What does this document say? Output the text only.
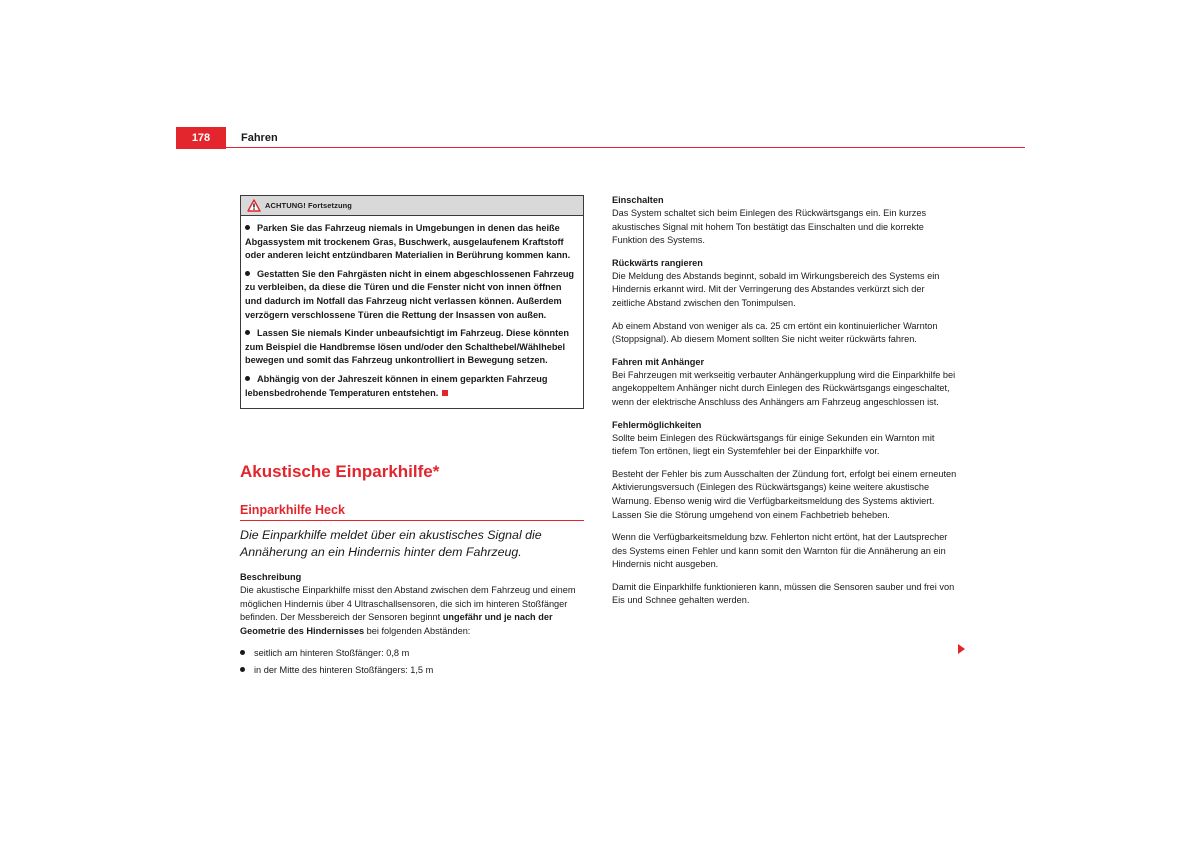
178	Fahren
ACHTUNG! Fortsetzung

Parken Sie das Fahrzeug niemals in Umgebungen in denen das heiße Abgassystem mit trockenem Gras, Buschwerk, ausgelaufenem Kraftstoff oder anderen leicht entzündbaren Materialien in Berührung kommen kann.

Gestatten Sie den Fahrgästen nicht in einem abgeschlossenen Fahrzeug zu verbleiben, da diese die Türen und die Fenster nicht von innen öffnen und dadurch im Notfall das Fahrzeug nicht verlassen können. Außerdem verzögern verschlossene Türen die Rettung der Insassen von außen.

Lassen Sie niemals Kinder unbeaufsichtigt im Fahrzeug. Diese könnten zum Beispiel die Handbremse lösen und/oder den Schalthebel/Wählhebel bewegen und somit das Fahrzeug unkontrolliert in Bewegung setzen.

Abhängig von der Jahreszeit können in einem geparkten Fahrzeug lebensbedrohende Temperaturen entstehen.

Akustische Einparkhilfe*
Einparkhilfe Heck

Die Einparkhilfe meldet über ein akustisches Signal die Annäherung an ein Hindernis hinter dem Fahrzeug.

Beschreibung

Die akustische Einparkhilfe misst den Abstand zwischen dem Fahrzeug und einem möglichen Hindernis über 4 Ultraschallsensoren, die sich im hinteren Stoßfänger befinden. Der Messbereich der Sensoren beginnt ungefähr und je nach der Geometrie des Hindernisses bei folgenden Abständen:

seitlich am hinteren Stoßfänger: 0,8 m
in der Mitte des hinteren Stoßfängers: 1,5 m

Einschalten

Das System schaltet sich beim Einlegen des Rückwärtsgangs ein. Ein kurzes akustisches Signal mit hohem Ton bestätigt das Einschalten und die korrekte Funktion des Systems.

Rückwärts rangieren

Die Meldung des Abstands beginnt, sobald im Wirkungsbereich des Systems ein Hindernis erkannt wird. Mit der Verringerung des Abstandes verkürzt sich der zeitliche Abstand zwischen den Tonimpulsen.

Ab einem Abstand von weniger als ca. 25 cm ertönt ein kontinuierlicher Warnton (Stoppsignal). Ab diesem Moment sollten Sie nicht weiter rückwärts fahren.

Fahren mit Anhänger

Bei Fahrzeugen mit werkseitig verbauter Anhängerkupplung wird die Einparkhilfe bei angekoppeltem Anhänger nicht durch Einlegen des Rückwärtsgangs eingeschaltet, wenn der elektrische Anschluss des Anhängers am Fahrzeug angeschlossen ist.

Fehlermöglichkeiten

Sollte beim Einlegen des Rückwärtsgangs für einige Sekunden ein Warnton mit tiefem Ton ertönen, liegt ein Systemfehler bei der Einparkhilfe vor.

Besteht der Fehler bis zum Ausschalten der Zündung fort, erfolgt bei einem erneuten Aktivierungsversuch (Einlegen des Rückwärtsgangs) keine weitere akustische Warnung. Ebenso wenig wird die Verfügbarkeitsmeldung des Systems aktiviert. Lassen Sie die Störung umgehend von einem Fachbetrieb beheben.

Wenn die Verfügbarkeitsmeldung bzw. Fehlerton nicht ertönt, hat der Lautsprecher des Systems einen Fehler und kann somit den Warnton für die Annäherung an ein Hindernis nicht ausgeben.

Damit die Einparkhilfe funktionieren kann, müssen die Sensoren sauber und frei von Eis und Schnee gehalten werden.
